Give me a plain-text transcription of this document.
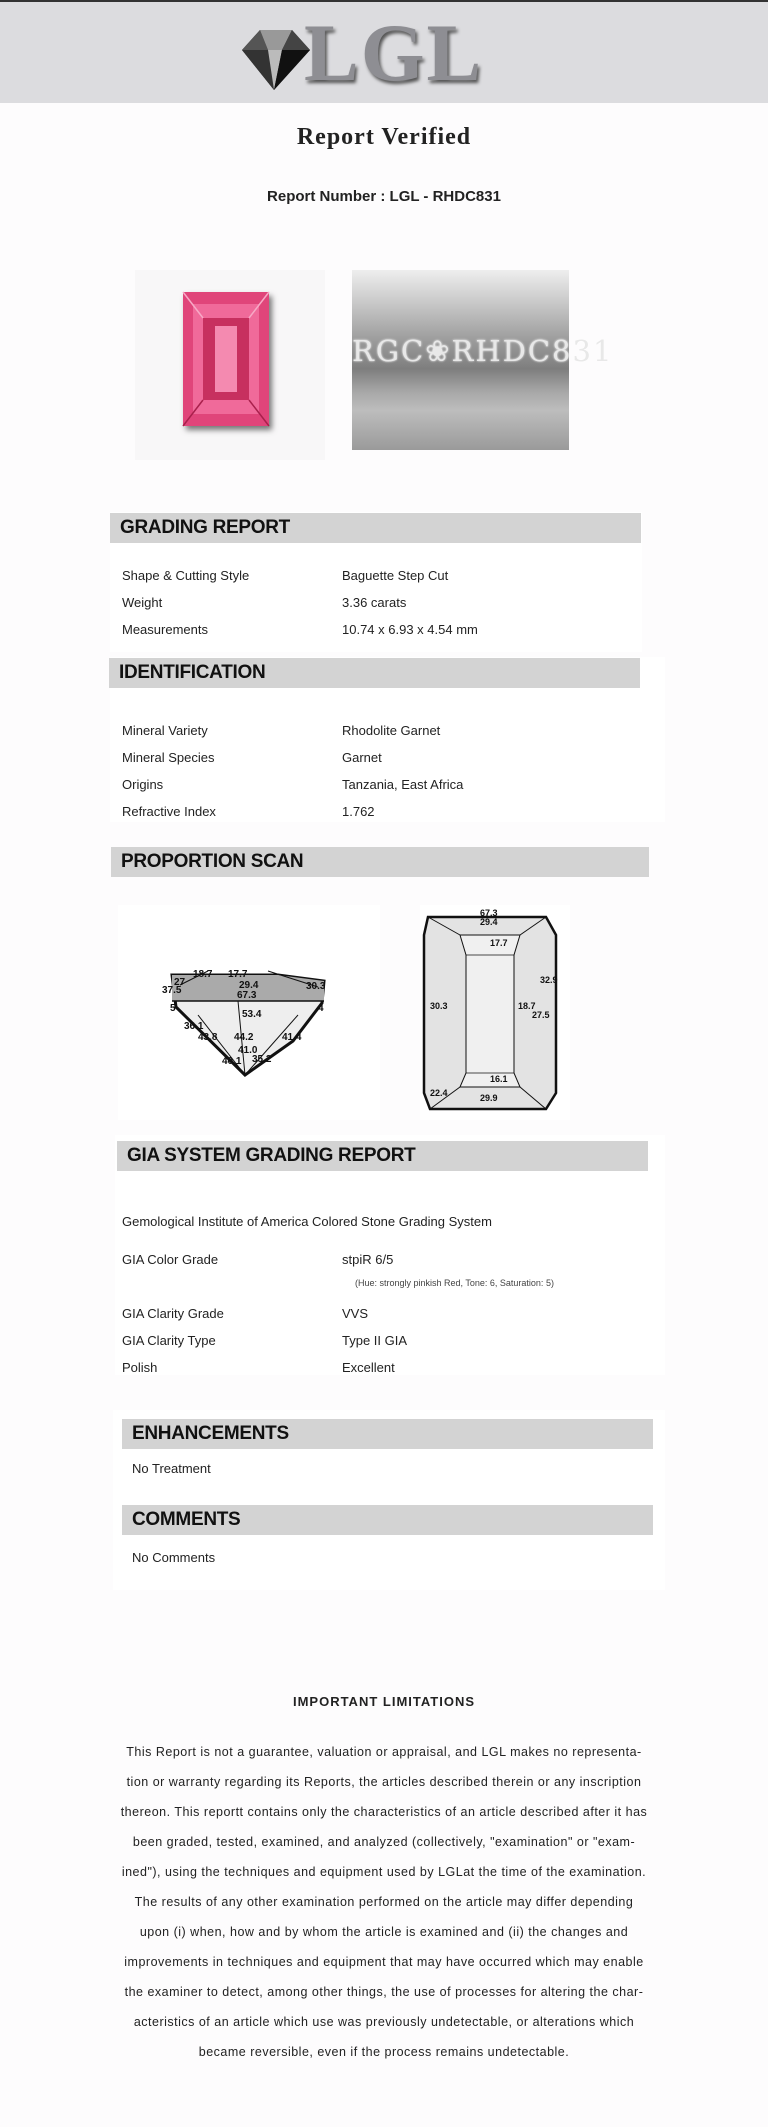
LGL
Report Verified
Report Number : LGL - RHDC831
RGC❀RHDC831
GRADING REPORT
Shape & Cutting Style	Baguette Step Cut
Weight	3.36 carats
Measurements	10.74 x 6.93 x 4.54 mm
IDENTIFICATION
Mineral Variety	Rhodolite Garnet
Mineral Species	Garnet
Origins	Tanzania, East Africa
Refractive Index	1.762
PROPORTION SCAN
18.7 17.7
27
37.5	29.4
67.3
53.4
5
36.1
43.8 44.2
41.0
41.4
40.1 35.2
30.3
4
67.3
29.4
17.7
32.9
30.3	18.7
27.5
16.1
22.4	29.9
GIA SYSTEM GRADING REPORT
Gemological Institute of America Colored Stone Grading System
GIA Color Grade	stpiR 6/5
(Hue: strongly pinkish Red, Tone: 6, Saturation: 5)
GIA Clarity Grade	VVS
GIA Clarity Type	Type II GIA
Polish	Excellent
ENHANCEMENTS
No Treatment
COMMENTS
No Comments
IMPORTANT LIMITATIONS
This Report is not a guarantee, valuation or appraisal, and LGL makes no representa-
tion or warranty regarding its Reports, the articles described therein or any inscription
thereon. This reportt contains only the characteristics of an article described after it has
been graded, tested, examined, and analyzed (collectively, "examination" or "exam-
ined"), using the techniques and equipment used by LGLat the time of the examination.
The results of any other examination performed on the article may differ depending
upon (i) when, how and by whom the article is examined and (ii) the changes and
improvements in techniques and equipment that may have occurred which may enable
the examiner to detect, among other things, the use of processes for altering the char-
acteristics of an article which use was previously undetectable, or alterations which
became reversible, even if the process remains undetectable.
